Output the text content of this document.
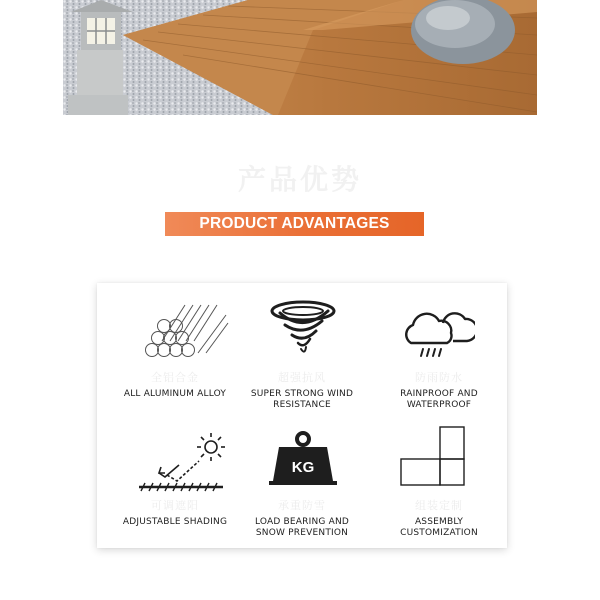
产品优势
PRODUCT ADVANTAGES
全铝合金
ALL ALUMINUM ALLOY
超强抗风
SUPER STRONG WIND
RESISTANCE
防雨防水
RAINPROOF AND
WATERPROOF
可调遮阳
ADJUSTABLE SHADING
KG
承重防雪
LOAD BEARING AND
SNOW PREVENTION
组装定制
ASSEMBLY
CUSTOMIZATION
